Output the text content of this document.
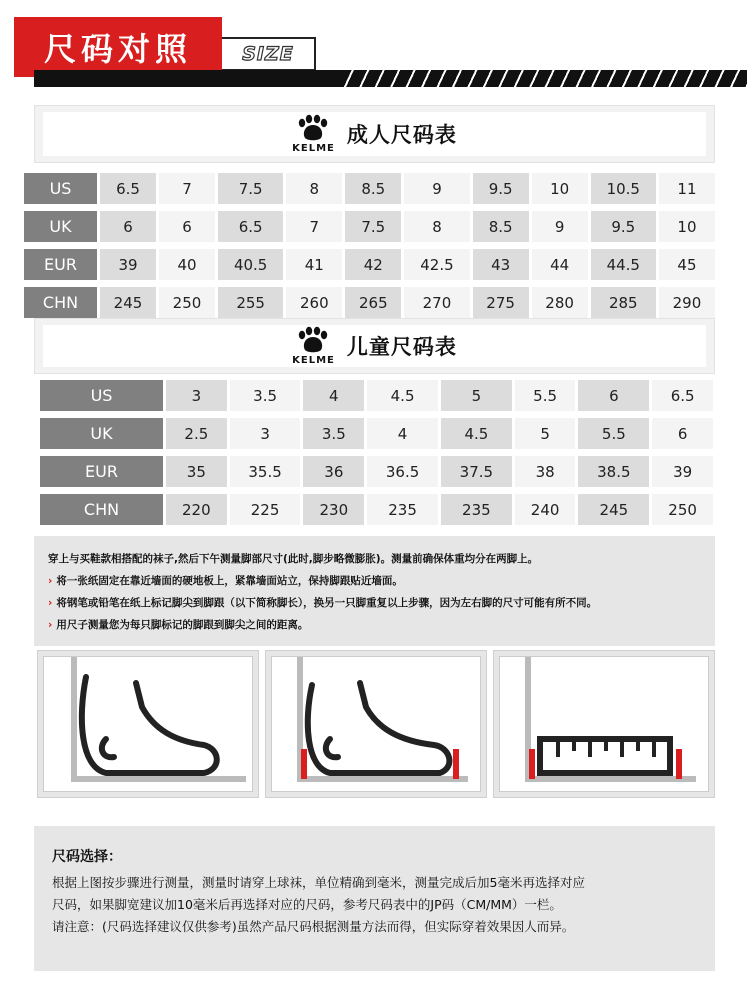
尺码对照	SIZE
KELME
成人尺码表
US	6.5	7	7.5	8	8.5	9	9.5	10	10.5	11
UK	6	6	6.5	7	7.5	8	8.5	9	9.5	10
EUR	39	40	40.5	41	42	42.5	43	44	44.5	45
CHN	245	250	255	260	265	270	275	280	285	290
KELME
儿童尺码表
US	3	3.5	4	4.5	5	5.5	6	6.5
UK	2.5	3	3.5	4	4.5	5	5.5	6
EUR	35	35.5	36	36.5	37.5	38	38.5	39
CHN	220	225	230	235	235	240	245	250

穿上与买鞋款相搭配的袜子,然后下午测量脚部尺寸(此时,脚步略微膨胀)。测量前确保体重均分在两脚上。

› 将一张纸固定在靠近墙面的硬地板上，紧靠墙面站立，保持脚跟贴近墙面。

› 将钢笔或铅笔在纸上标记脚尖到脚跟（以下简称脚长），换另一只脚重复以上步骤，因为左右脚的尺寸可能有所不同。

› 用尺子测量您为每只脚标记的脚跟到脚尖之间的距离。

尺码选择：

根据上图按步骤进行测量，测量时请穿上球袜，单位精确到毫米，测量完成后加5毫米再选择对应

尺码，如果脚宽建议加10毫米后再选择对应的尺码，参考尺码表中的JP码（CM/MM）一栏。

请注意：(尺码选择建议仅供参考)虽然产品尺码根据测量方法而得，但实际穿着效果因人而异。
